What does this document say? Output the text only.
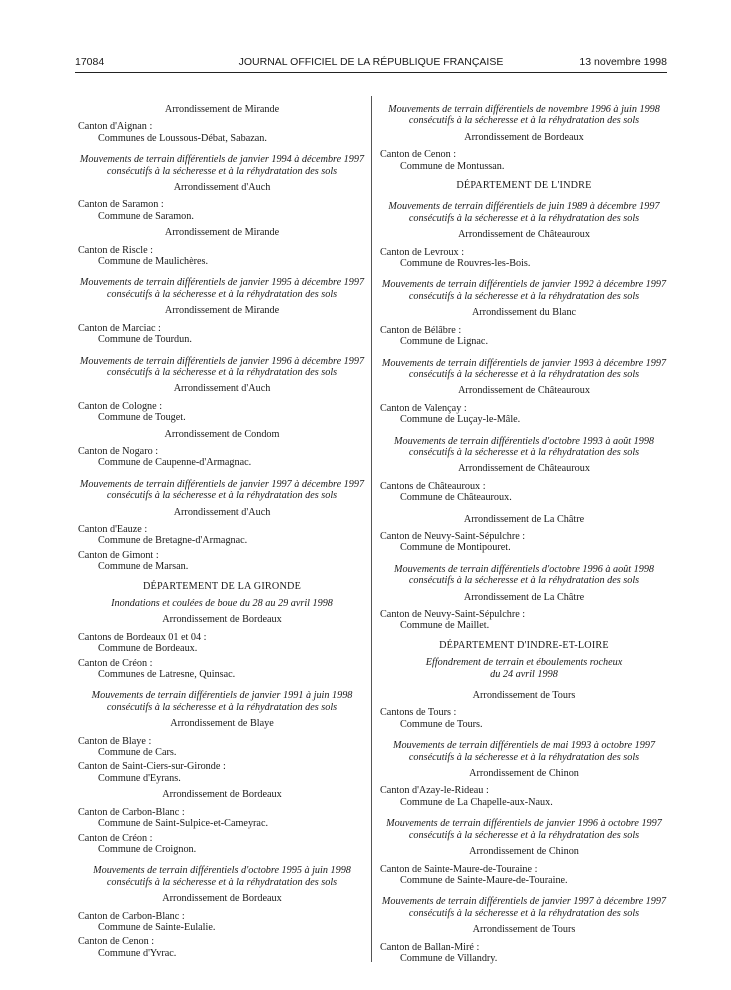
17084	JOURNAL OFFICIEL DE LA RÉPUBLIQUE FRANÇAISE	13 novembre 1998
Arrondissement de Mirande
Canton d'Aignan :
Communes de Loussous-Débat, Sabazan.
Mouvements de terrain différentiels de janvier 1994 à décembre 1997
consécutifs à la sécheresse et à la réhydratation des sols
Arrondissement d'Auch
Canton de Saramon :
Commune de Saramon.
Arrondissement de Mirande
Canton de Riscle :
Commune de Maulichères.
Mouvements de terrain différentiels de janvier 1995 à décembre 1997
consécutifs à la sécheresse et à la réhydratation des sols
Arrondissement de Mirande
Canton de Marciac :
Commune de Tourdun.
Mouvements de terrain différentiels de janvier 1996 à décembre 1997
consécutifs à la sécheresse et à la réhydratation des sols
Arrondissement d'Auch
Canton de Cologne :
Commune de Touget.
Arrondissement de Condom
Canton de Nogaro :
Commune de Caupenne-d'Armagnac.
Mouvements de terrain différentiels de janvier 1997 à décembre 1997
consécutifs à la sécheresse et à la réhydratation des sols
Arrondissement d'Auch
Canton d'Eauze :
Commune de Bretagne-d'Armagnac.
Canton de Gimont :
Commune de Marsan.
DÉPARTEMENT DE LA GIRONDE
Inondations et coulées de boue du 28 au 29 avril 1998
Arrondissement de Bordeaux
Cantons de Bordeaux 01 et 04 :
Commune de Bordeaux.
Canton de Créon :
Communes de Latresne, Quinsac.
Mouvements de terrain différentiels de janvier 1991 à juin 1998
consécutifs à la sécheresse et à la réhydratation des sols
Arrondissement de Blaye
Canton de Blaye :
Commune de Cars.
Canton de Saint-Ciers-sur-Gironde :
Commune d'Eyrans.
Arrondissement de Bordeaux
Canton de Carbon-Blanc :
Commune de Saint-Sulpice-et-Cameyrac.
Canton de Créon :
Commune de Croignon.
Mouvements de terrain différentiels d'octobre 1995 à juin 1998
consécutifs à la sécheresse et à la réhydratation des sols
Arrondissement de Bordeaux
Canton de Carbon-Blanc :
Commune de Sainte-Eulalie.
Canton de Cenon :
Commune d'Yvrac.
Mouvements de terrain différentiels de novembre 1996 à juin 1998
consécutifs à la sécheresse et à la réhydratation des sols
Arrondissement de Bordeaux
Canton de Cenon :
Commune de Montussan.
DÉPARTEMENT DE L'INDRE
Mouvements de terrain différentiels de juin 1989 à décembre 1997
consécutifs à la sécheresse et à la réhydratation des sols
Arrondissement de Châteauroux
Canton de Levroux :
Commune de Rouvres-les-Bois.
Mouvements de terrain différentiels de janvier 1992 à décembre 1997
consécutifs à la sécheresse et à la réhydratation des sols
Arrondissement du Blanc
Canton de Bélâbre :
Commune de Lignac.
Mouvements de terrain différentiels de janvier 1993 à décembre 1997
consécutifs à la sécheresse et à la réhydratation des sols
Arrondissement de Châteauroux
Canton de Valençay :
Commune de Luçay-le-Mâle.
Mouvements de terrain différentiels d'octobre 1993 à août 1998
consécutifs à la sécheresse et à la réhydratation des sols
Arrondissement de Châteauroux
Cantons de Châteauroux :
Commune de Châteauroux.
Arrondissement de La Châtre
Canton de Neuvy-Saint-Sépulchre :
Commune de Montipouret.
Mouvements de terrain différentiels d'octobre 1996 à août 1998
consécutifs à la sécheresse et à la réhydratation des sols
Arrondissement de La Châtre
Canton de Neuvy-Saint-Sépulchre :
Commune de Maillet.
DÉPARTEMENT D'INDRE-ET-LOIRE
Effondrement de terrain et éboulements rocheux
du 24 avril 1998
Arrondissement de Tours
Cantons de Tours :
Commune de Tours.
Mouvements de terrain différentiels de mai 1993 à octobre 1997
consécutifs à la sécheresse et à la réhydratation des sols
Arrondissement de Chinon
Canton d'Azay-le-Rideau :
Commune de La Chapelle-aux-Naux.
Mouvements de terrain différentiels de janvier 1996 à octobre 1997
consécutifs à la sécheresse et à la réhydratation des sols
Arrondissement de Chinon
Canton de Sainte-Maure-de-Touraine :
Commune de Sainte-Maure-de-Touraine.
Mouvements de terrain différentiels de janvier 1997 à décembre 1997
consécutifs à la sécheresse et à la réhydratation des sols
Arrondissement de Tours
Canton de Ballan-Miré :
Commune de Villandry.
